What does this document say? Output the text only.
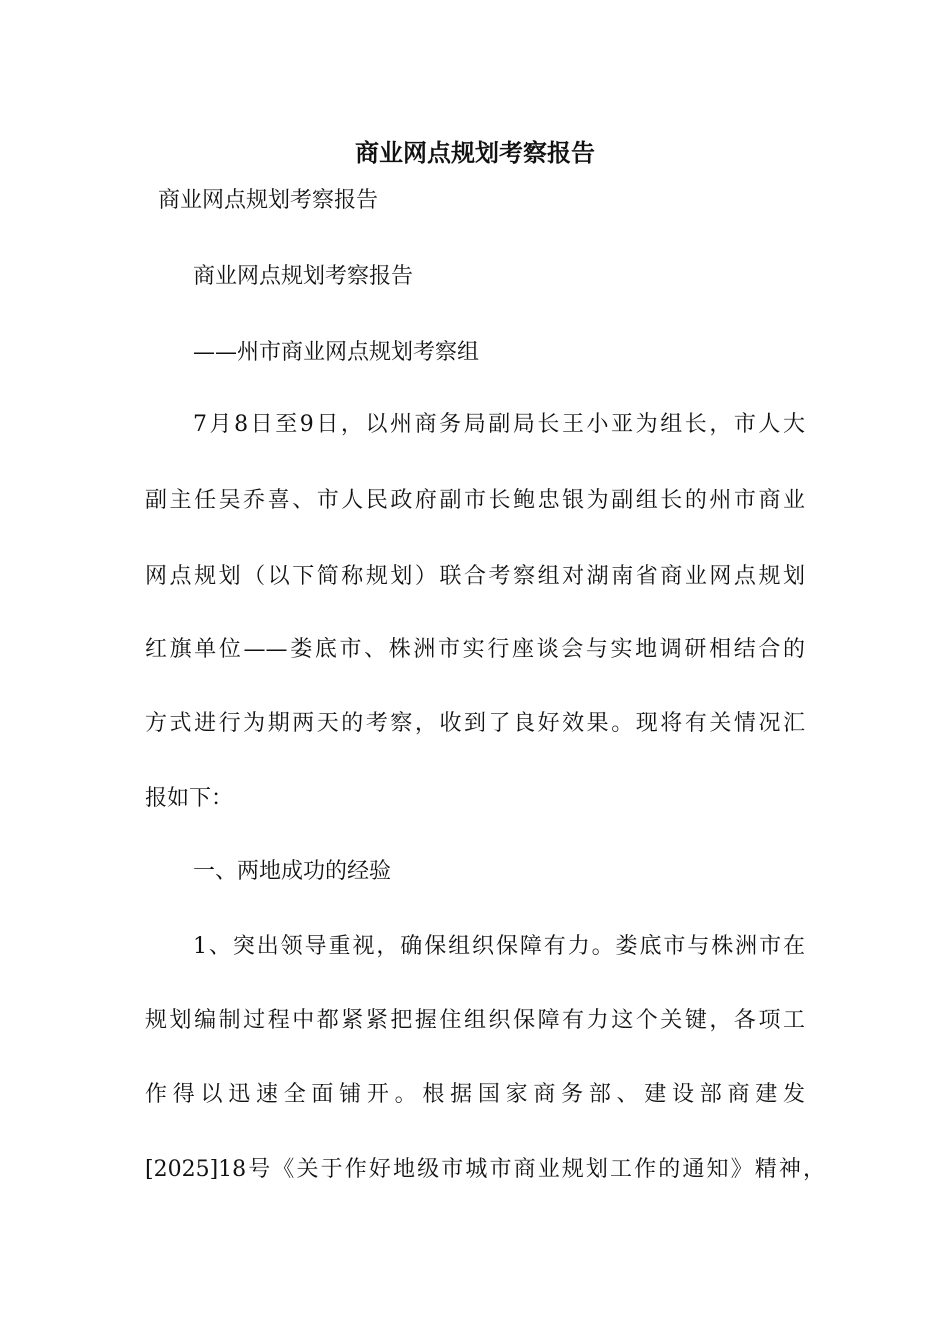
商业网点规划考察报告
商业网点规划考察报告
商业网点规划考察报告
——州市商业网点规划考察组
7月8日至9日，以州商务局副局长王小亚为组长，市人大
副主任吴乔喜、市人民政府副市长鲍忠银为副组长的州市商业
网点规划（以下简称规划）联合考察组对湖南省商业网点规划
红旗单位——娄底市、株洲市实行座谈会与实地调研相结合的
方式进行为期两天的考察，收到了良好效果。现将有关情况汇
报如下：
一、两地成功的经验
1、突出领导重视，确保组织保障有力。娄底市与株洲市在
规划编制过程中都紧紧把握住组织保障有力这个关键，各项工
作得以迅速全面铺开。根据国家商务部、建设部商建发
[2025]18号《关于作好地级市城市商业规划工作的通知》精神，
